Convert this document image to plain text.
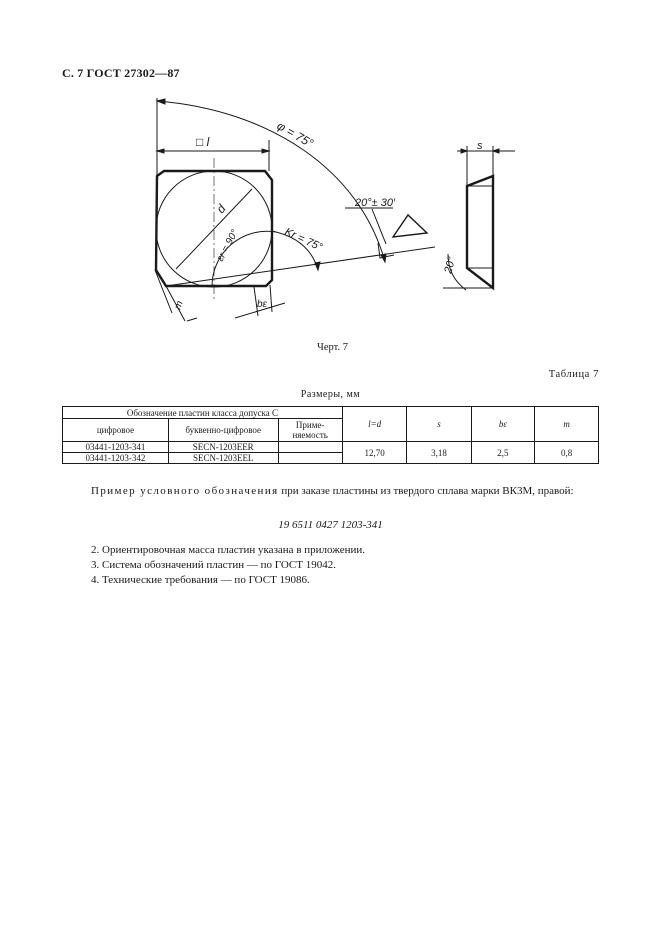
С. 7 ГОСТ 27302—87
□ l	φ = 75°
d
εr = 90°	Kr = 75°
bε
m
20°± 30′
s
20°
Черт. 7
Таблица 7
Размеры, мм
Обозначение пластин класса допуска С			l=d	s	bε	m
цифровое	буквенно-цифровое	Приме-
няемость				
03441-1203-341	SECN-1203EER		12,70	3,18	2,5	0,8
03441-1203-342	SECN-1203EEL					
Пример условного обозначения при заказе пластины из твердого сплава марки ВК3М, правой:
19 6511 0427 1203-341
2. Ориентировочная масса пластин указана в приложении.
3. Система обозначений пластин — по ГОСТ 19042.
4. Технические требования — по ГОСТ 19086.
